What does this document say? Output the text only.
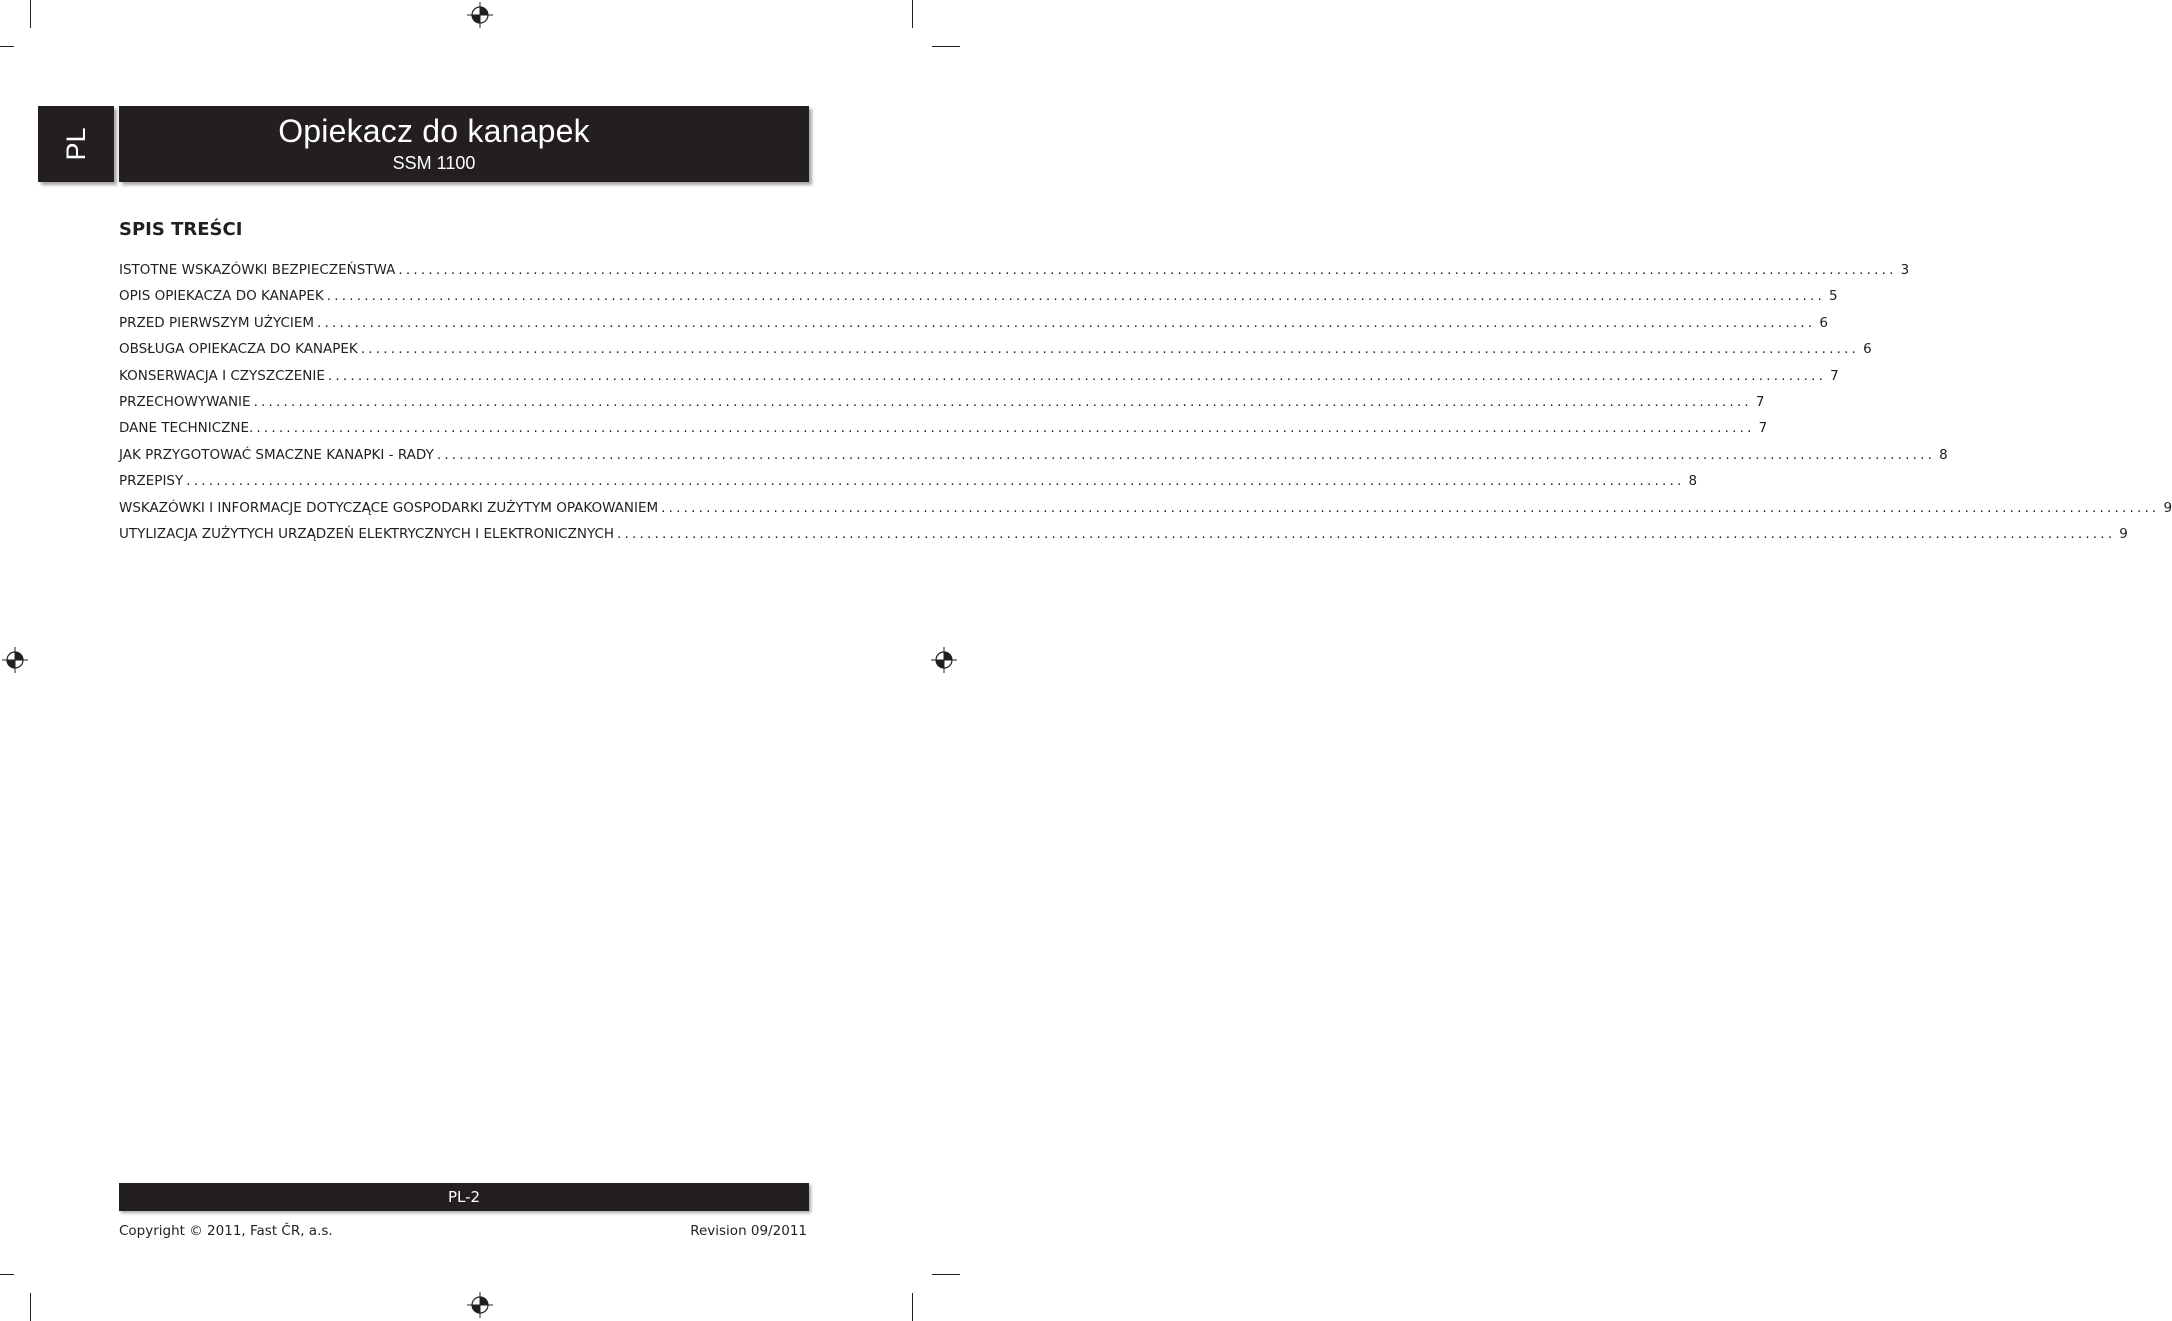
PL	Opiekacz do kanapek
SSM 1100
SPIS TREŚCI
ISTOTNE WSKAZÓWKI BEZPIECZEŃSTWA ........................................................................................................................................................................................................ 3
OPIS OPIEKACZA DO KANAPEK ........................................................................................................................................................................................................ 5
PRZED PIERWSZYM UŻYCIEM ........................................................................................................................................................................................................ 6
OBSŁUGA OPIEKACZA DO KANAPEK ........................................................................................................................................................................................................ 6
KONSERWACJA I CZYSZCZENIE ........................................................................................................................................................................................................ 7
PRZECHOWYWANIE ........................................................................................................................................................................................................ 7
DANE TECHNICZNE. ........................................................................................................................................................................................................ 7
JAK PRZYGOTOWAĆ SMACZNE KANAPKI - RADY ........................................................................................................................................................................................................ 8
PRZEPISY ........................................................................................................................................................................................................ 8
WSKAZÓWKI I INFORMACJE DOTYCZĄCE GOSPODARKI ZUŻYTYM OPAKOWANIEM ........................................................................................................................................................................................................ 9
UTYLIZACJA ZUŻYTYCH URZĄDZEŃ ELEKTRYCZNYCH I ELEKTRONICZNYCH ........................................................................................................................................................................................................ 9
PL-2
Copyright © 2011, Fast ČR, a.s.	Revision 09/2011
